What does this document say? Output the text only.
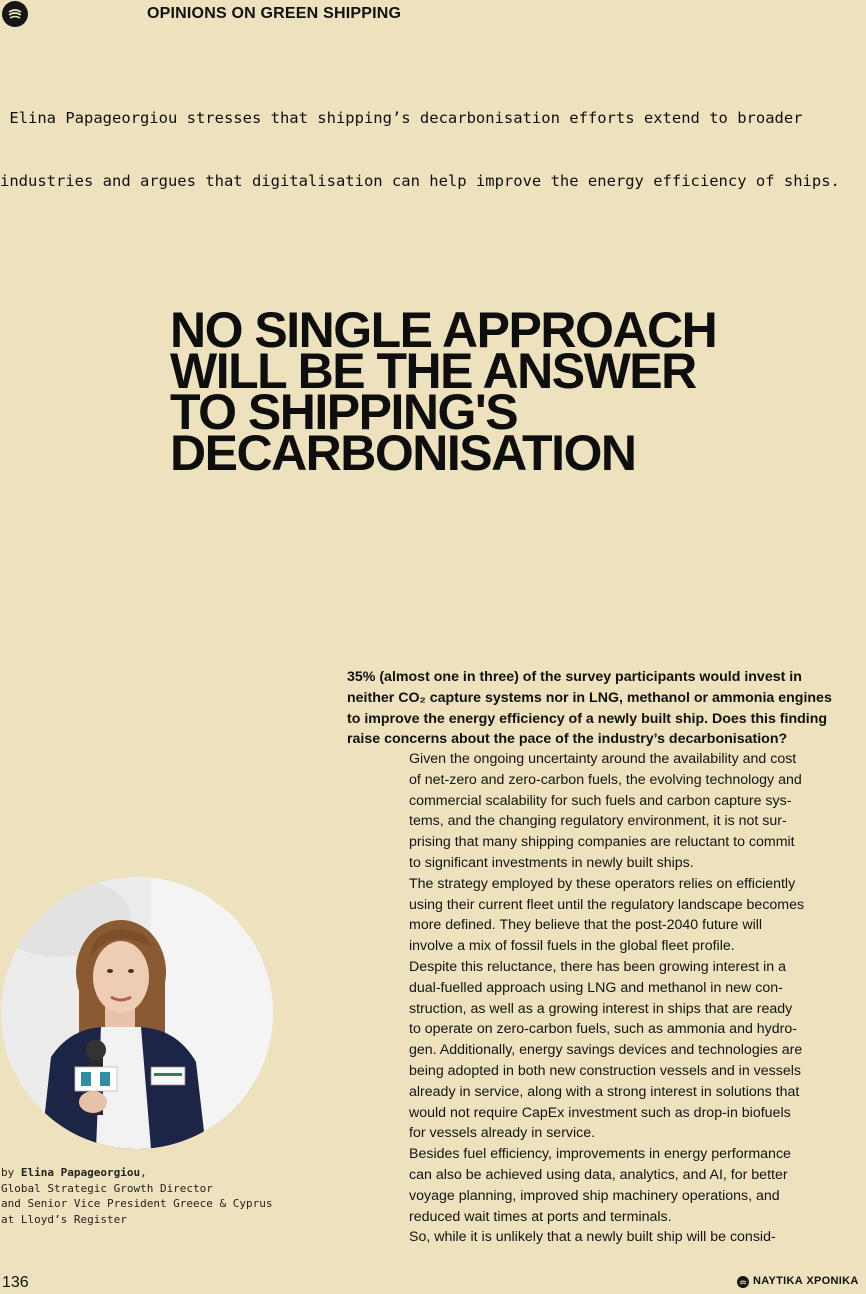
OPINIONS ON GREEN SHIPPING

Elina Papageorgiou stresses that shipping’s decarbonisation efforts extend to broader

industries and argues that digitalisation can help improve the energy efficiency of ships.

NO SINGLE APPROACH
WILL BE THE ANSWER
TO SHIPPING'S
DECARBONISATION
by Elina Papageorgiou,
Global Strategic Growth Director
and Senior Vice President Greece & Cyprus
at Lloyd’s Register
35% (almost one in three) of the survey participants would invest in
neither CO₂ capture systems nor in LNG, methanol or ammonia engines
to improve the energy efficiency of a newly built ship. Does this finding
raise concerns about the pace of the industry’s decarbonisation?
Given the ongoing uncertainty around the availability and cost
of net-zero and zero-carbon fuels, the evolving technology and
commercial scalability for such fuels and carbon capture sys-
tems, and the changing regulatory environment, it is not sur-
prising that many shipping companies are reluctant to commit
to significant investments in newly built ships.
The strategy employed by these operators relies on efficiently
using their current fleet until the regulatory landscape becomes
more defined. They believe that the post-2040 future will
involve a mix of fossil fuels in the global fleet profile.
Despite this reluctance, there has been growing interest in a
dual-fuelled approach using LNG and methanol in new con-
struction, as well as a growing interest in ships that are ready
to operate on zero-carbon fuels, such as ammonia and hydro-
gen. Additionally, energy savings devices and technologies are
being adopted in both new construction vessels and in vessels
already in service, along with a strong interest in solutions that
would not require CapEx investment such as drop-in biofuels
for vessels already in service.
Besides fuel efficiency, improvements in energy performance
can also be achieved using data, analytics, and AI, for better
voyage planning, improved ship machinery operations, and
reduced wait times at ports and terminals.
So, while it is unlikely that a newly built ship will be consid-
136	ΝΑΥΤΙΚΑ ΧΡΟΝΙΚΑ
